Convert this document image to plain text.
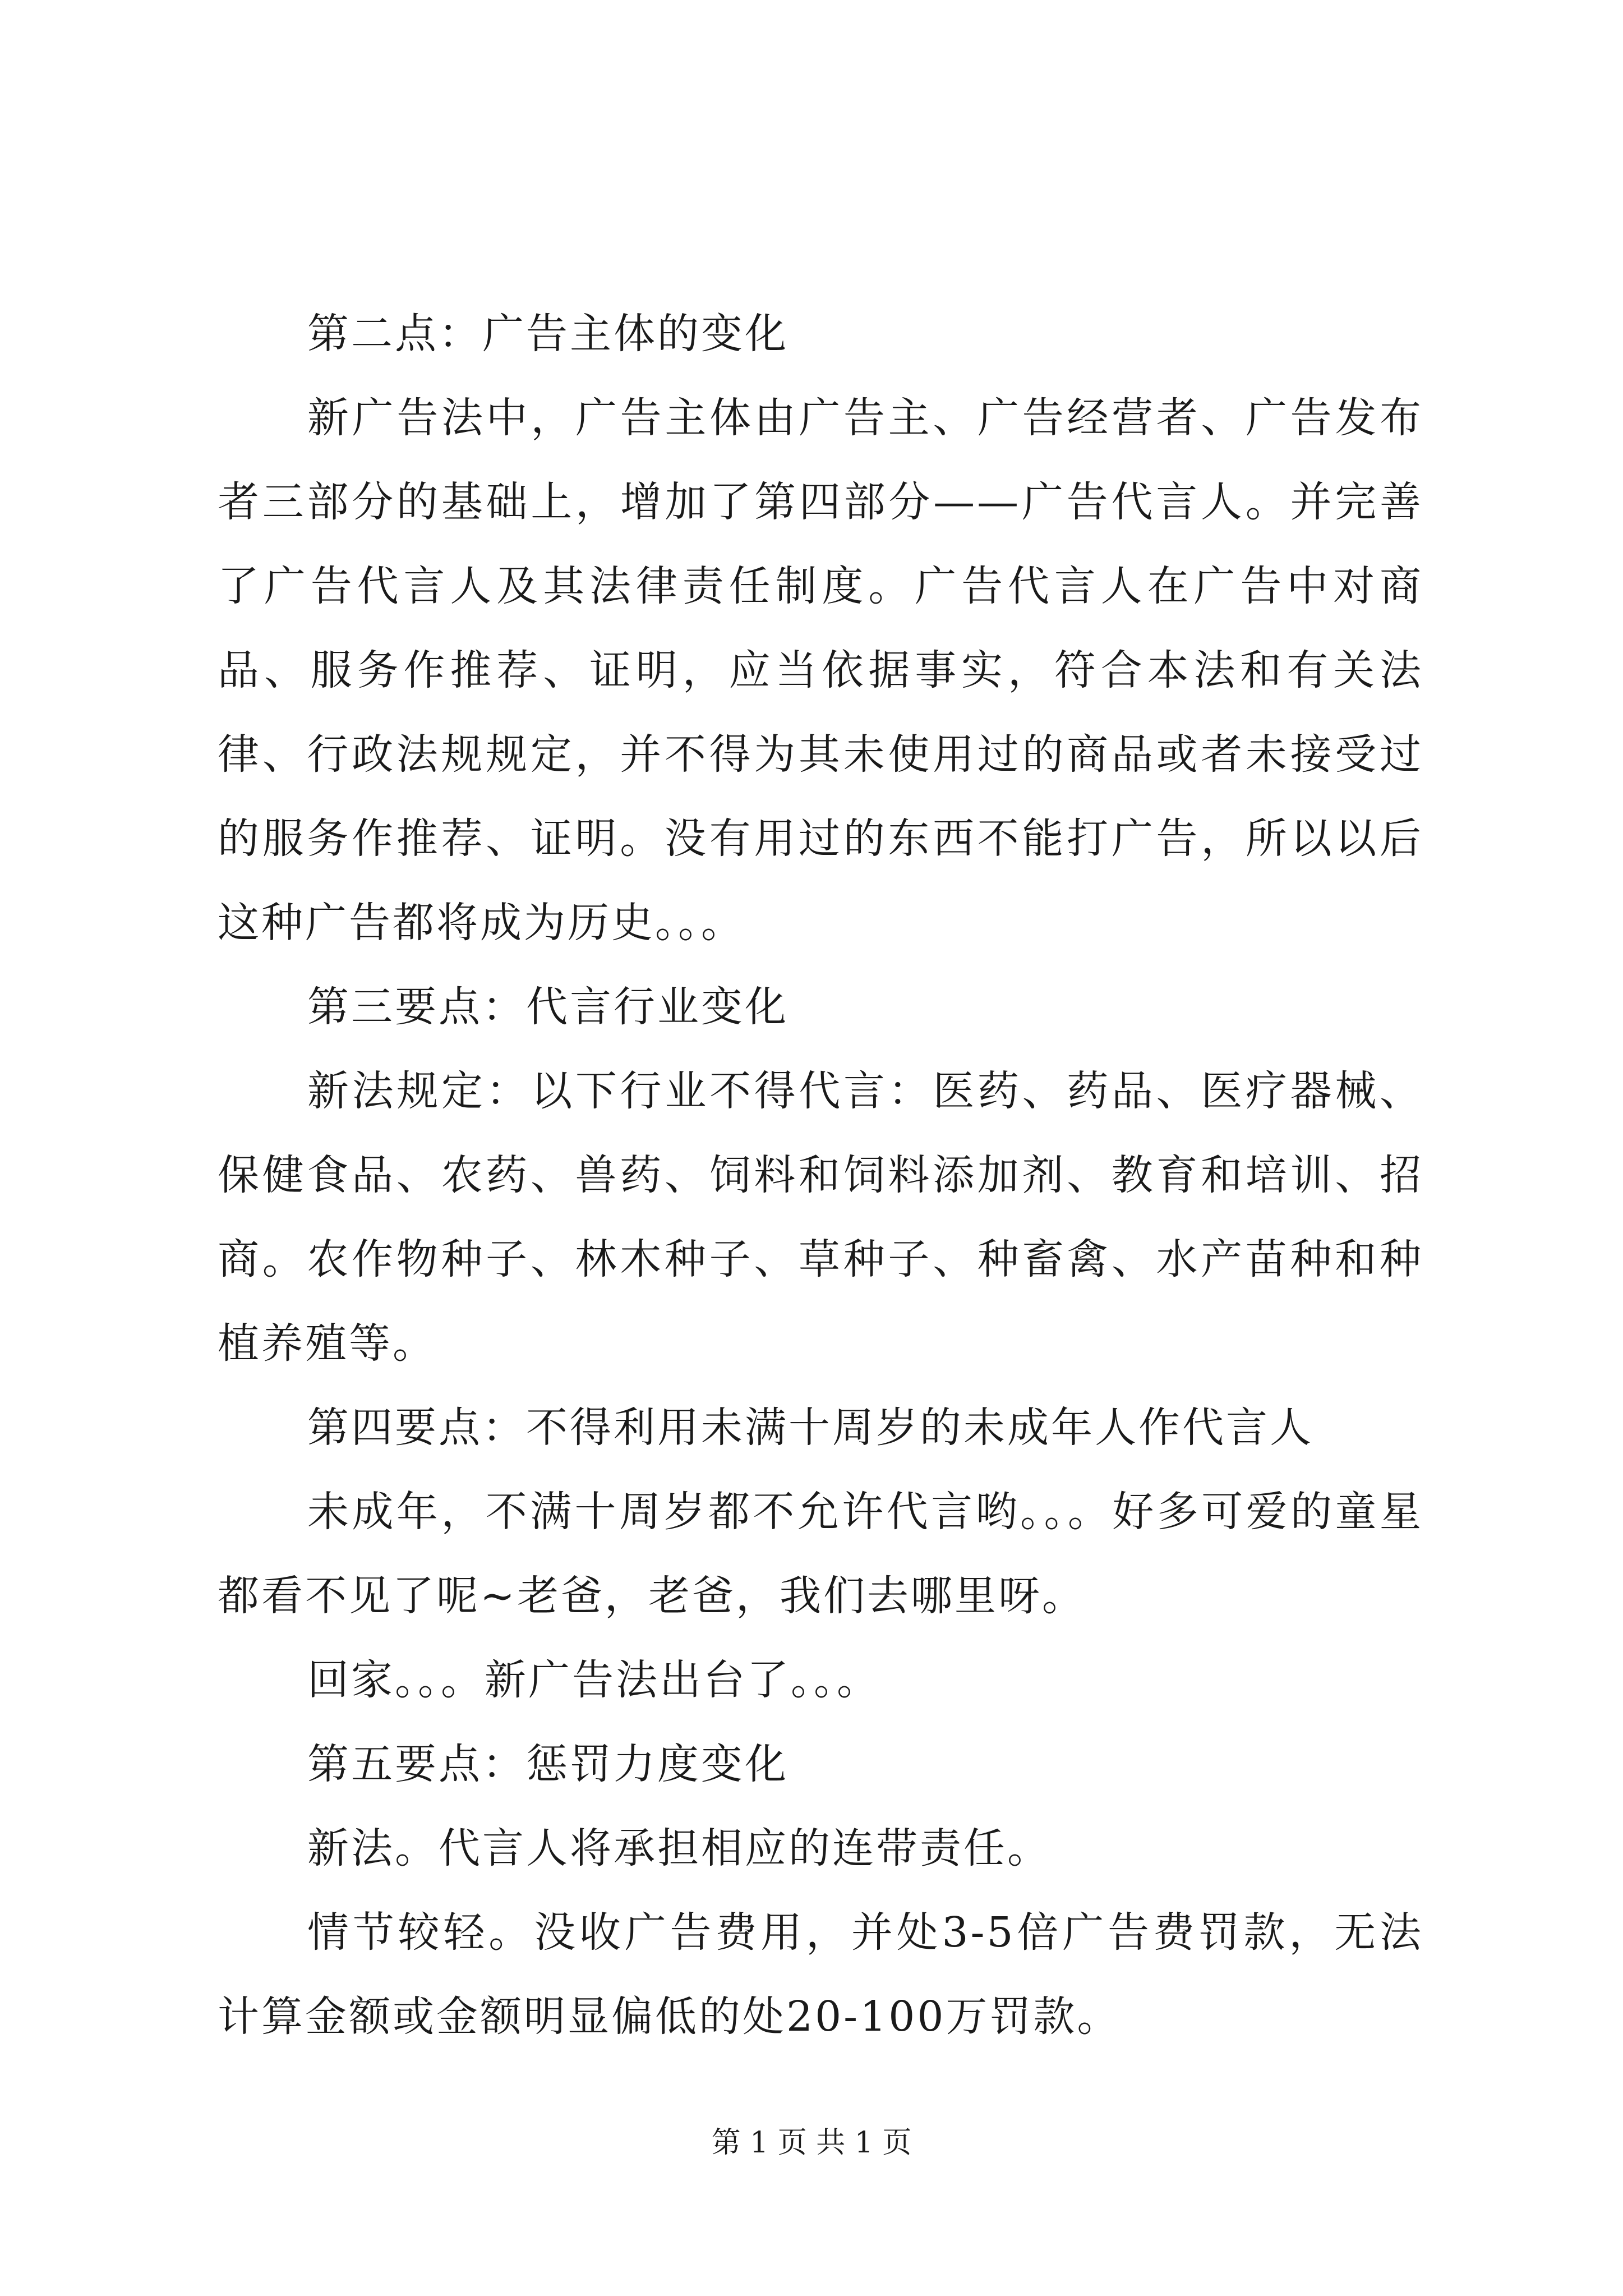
第二点：广告主体的变化

新广告法中，广告主体由广告主、广告经营者、广告发布者三部分的基础上，增加了第四部分——广告代言人。并完善了广告代言人及其法律责任制度。广告代言人在广告中对商品、服务作推荐、证明，应当依据事实，符合本法和有关法律、行政法规规定，并不得为其未使用过的商品或者未接受过的服务作推荐、证明。没有用过的东西不能打广告，所以以后这种广告都将成为历史。。。

第三要点：代言行业变化

新法规定：以下行业不得代言：医药、药品、医疗器械、保健食品、农药、兽药、饲料和饲料添加剂、教育和培训、招商。农作物种子、林木种子、草种子、种畜禽、水产苗种和种植养殖等。

第四要点：不得利用未满十周岁的未成年人作代言人

未成年，不满十周岁都不允许代言哟。。。好多可爱的童星都看不见了呢~老爸，老爸，我们去哪里呀。

回家。。。新广告法出台了。。。

第五要点：惩罚力度变化

新法。代言人将承担相应的连带责任。

情节较轻。没收广告费用，并处3-5倍广告费罚款，无法计算金额或金额明显偏低的处20-100万罚款。

第 1 页 共 1 页
